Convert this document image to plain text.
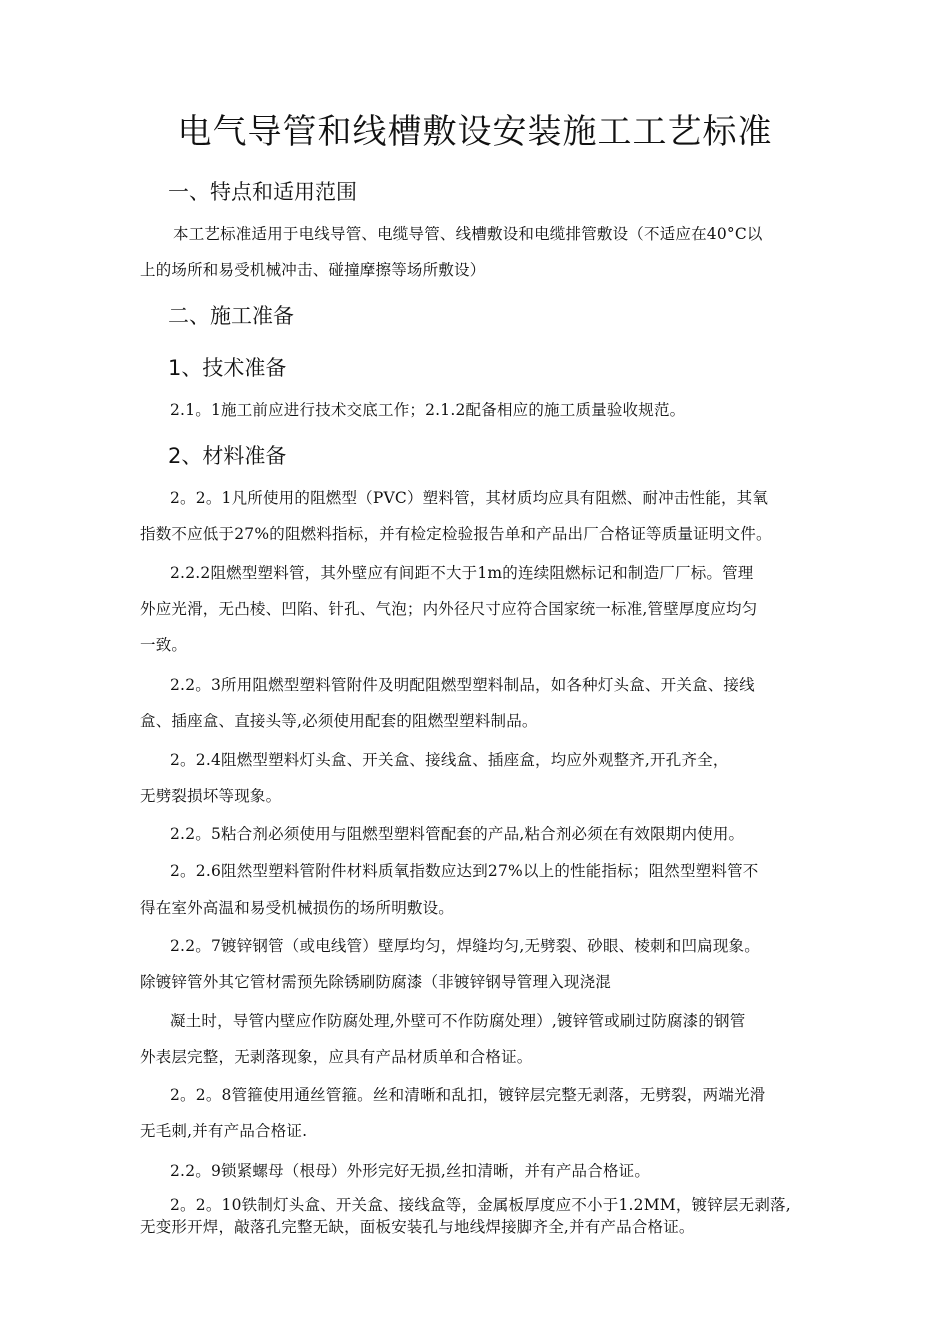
电气导管和线槽敷设安装施工工艺标准
一、特点和适用范围
本工艺标准适用于电线导管、电缆导管、线槽敷设和电缆排管敷设（不适应在40°C以
上的场所和易受机械冲击、碰撞摩擦等场所敷设）
二、施工准备
1、技术准备
2.1。1施工前应进行技术交底工作；2.1.2配备相应的施工质量验收规范。
2、材料准备
2。2。1凡所使用的阻燃型（PVC）塑料管，其材质均应具有阻燃、耐冲击性能，其氧
指数不应低于27%的阻燃料指标，并有检定检验报告单和产品出厂合格证等质量证明文件。
2.2.2阻燃型塑料管，其外壁应有间距不大于1m的连续阻燃标记和制造厂厂标。管理
外应光滑，无凸棱、凹陷、针孔、气泡；内外径尺寸应符合国家统一标准,管壁厚度应均匀
一致。
2.2。3所用阻燃型塑料管附件及明配阻燃型塑料制品，如各种灯头盒、开关盒、接线
盒、插座盒、直接头等,必须使用配套的阻燃型塑料制品。
2。2.4阻燃型塑料灯头盒、开关盒、接线盒、插座盒，均应外观整齐,开孔齐全，
无劈裂损坏等现象。
2.2。5粘合剂必须使用与阻燃型塑料管配套的产品,粘合剂必须在有效限期内使用。
2。2.6阻然型塑料管附件材料质氧指数应达到27%以上的性能指标；阻然型塑料管不
得在室外高温和易受机械损伤的场所明敷设。
2.2。7镀锌钢管（或电线管）壁厚均匀，焊缝均匀,无劈裂、砂眼、棱刺和凹扁现象。
除镀锌管外其它管材需预先除锈刷防腐漆（非镀锌钢导管理入现浇混
凝土时，导管内壁应作防腐处理,外壁可不作防腐处理）,镀锌管或刷过防腐漆的钢管
外表层完整，无剥落现象，应具有产品材质单和合格证。
2。2。8管箍使用通丝管箍。丝和清晰和乱扣，镀锌层完整无剥落，无劈裂，两端光滑
无毛刺,并有产品合格证.
2.2。9锁紧螺母（根母）外形完好无损,丝扣清晰，并有产品合格证。
2。2。10铁制灯头盒、开关盒、接线盒等，金属板厚度应不小于1.2MM，镀锌层无剥落,
无变形开焊，敲落孔完整无缺，面板安装孔与地线焊接脚齐全,并有产品合格证。
